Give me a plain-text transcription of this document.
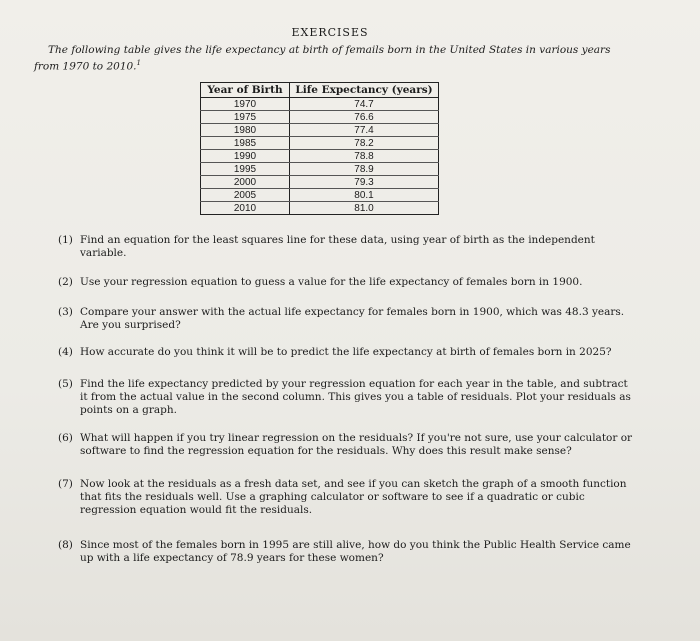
EXERCISES
The following table gives the life expectancy at birth of femails born in the United States in various years
from 1970 to 2010.$^1$
Year of Birth	Life Expectancy (years)
1970	74.7
1975	76.6
1980	77.4
1985	78.2
1990	78.8
1995	78.9
2000	79.3
2005	80.1
2010	81.0
(1) Find an equation for the least squares line for these data, using year of birth as the independent variable.
(2) Use your regression equation to guess a value for the life expectancy of females born in 1900.
(3) Compare your answer with the actual life expectancy for females born in 1900, which was 48.3 years. Are you surprised?
(4) How accurate do you think it will be to predict the life expectancy at birth of females born in 2025?
(5) Find the life expectancy predicted by your regression equation for each year in the table, and subtract it from the actual value in the second column. This gives you a table of residuals. Plot your residuals as points on a graph.
(6) What will happen if you try linear regression on the residuals? If you're not sure, use your calculator or software to find the regression equation for the residuals. Why does this result make sense?
(7) Now look at the residuals as a fresh data set, and see if you can sketch the graph of a smooth function that fits the residuals well. Use a graphing calculator or software to see if a quadratic or cubic regression equation would fit the residuals.
(8) Since most of the females born in 1995 are still alive, how do you think the Public Health Service came up with a life expectancy of 78.9 years for these women?
